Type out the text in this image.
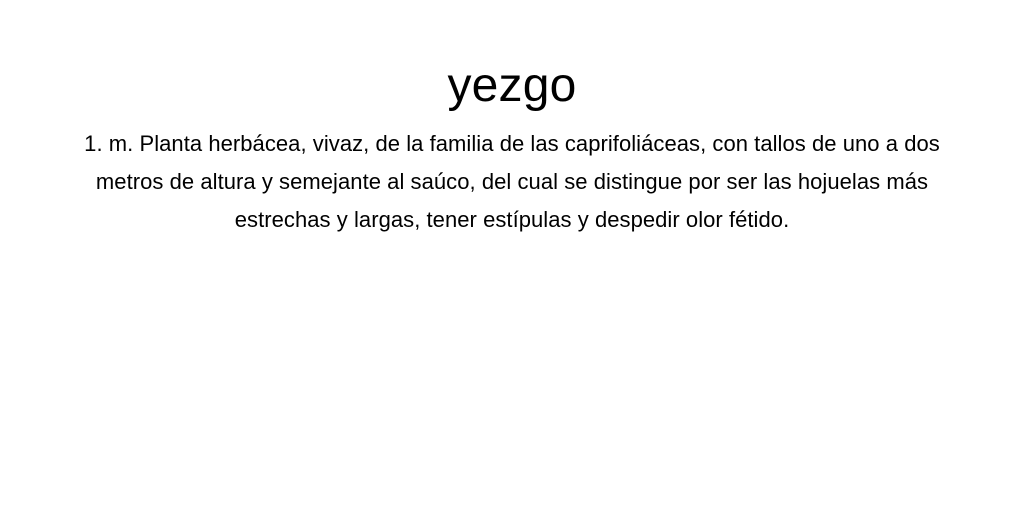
yezgo

1. m. Planta herbácea, vivaz, de la familia de las caprifoliáceas, con tallos de uno a dos metros de altura y semejante al saúco, del cual se distingue por ser las hojuelas más estrechas y largas, tener estípulas y despedir olor fétido.
